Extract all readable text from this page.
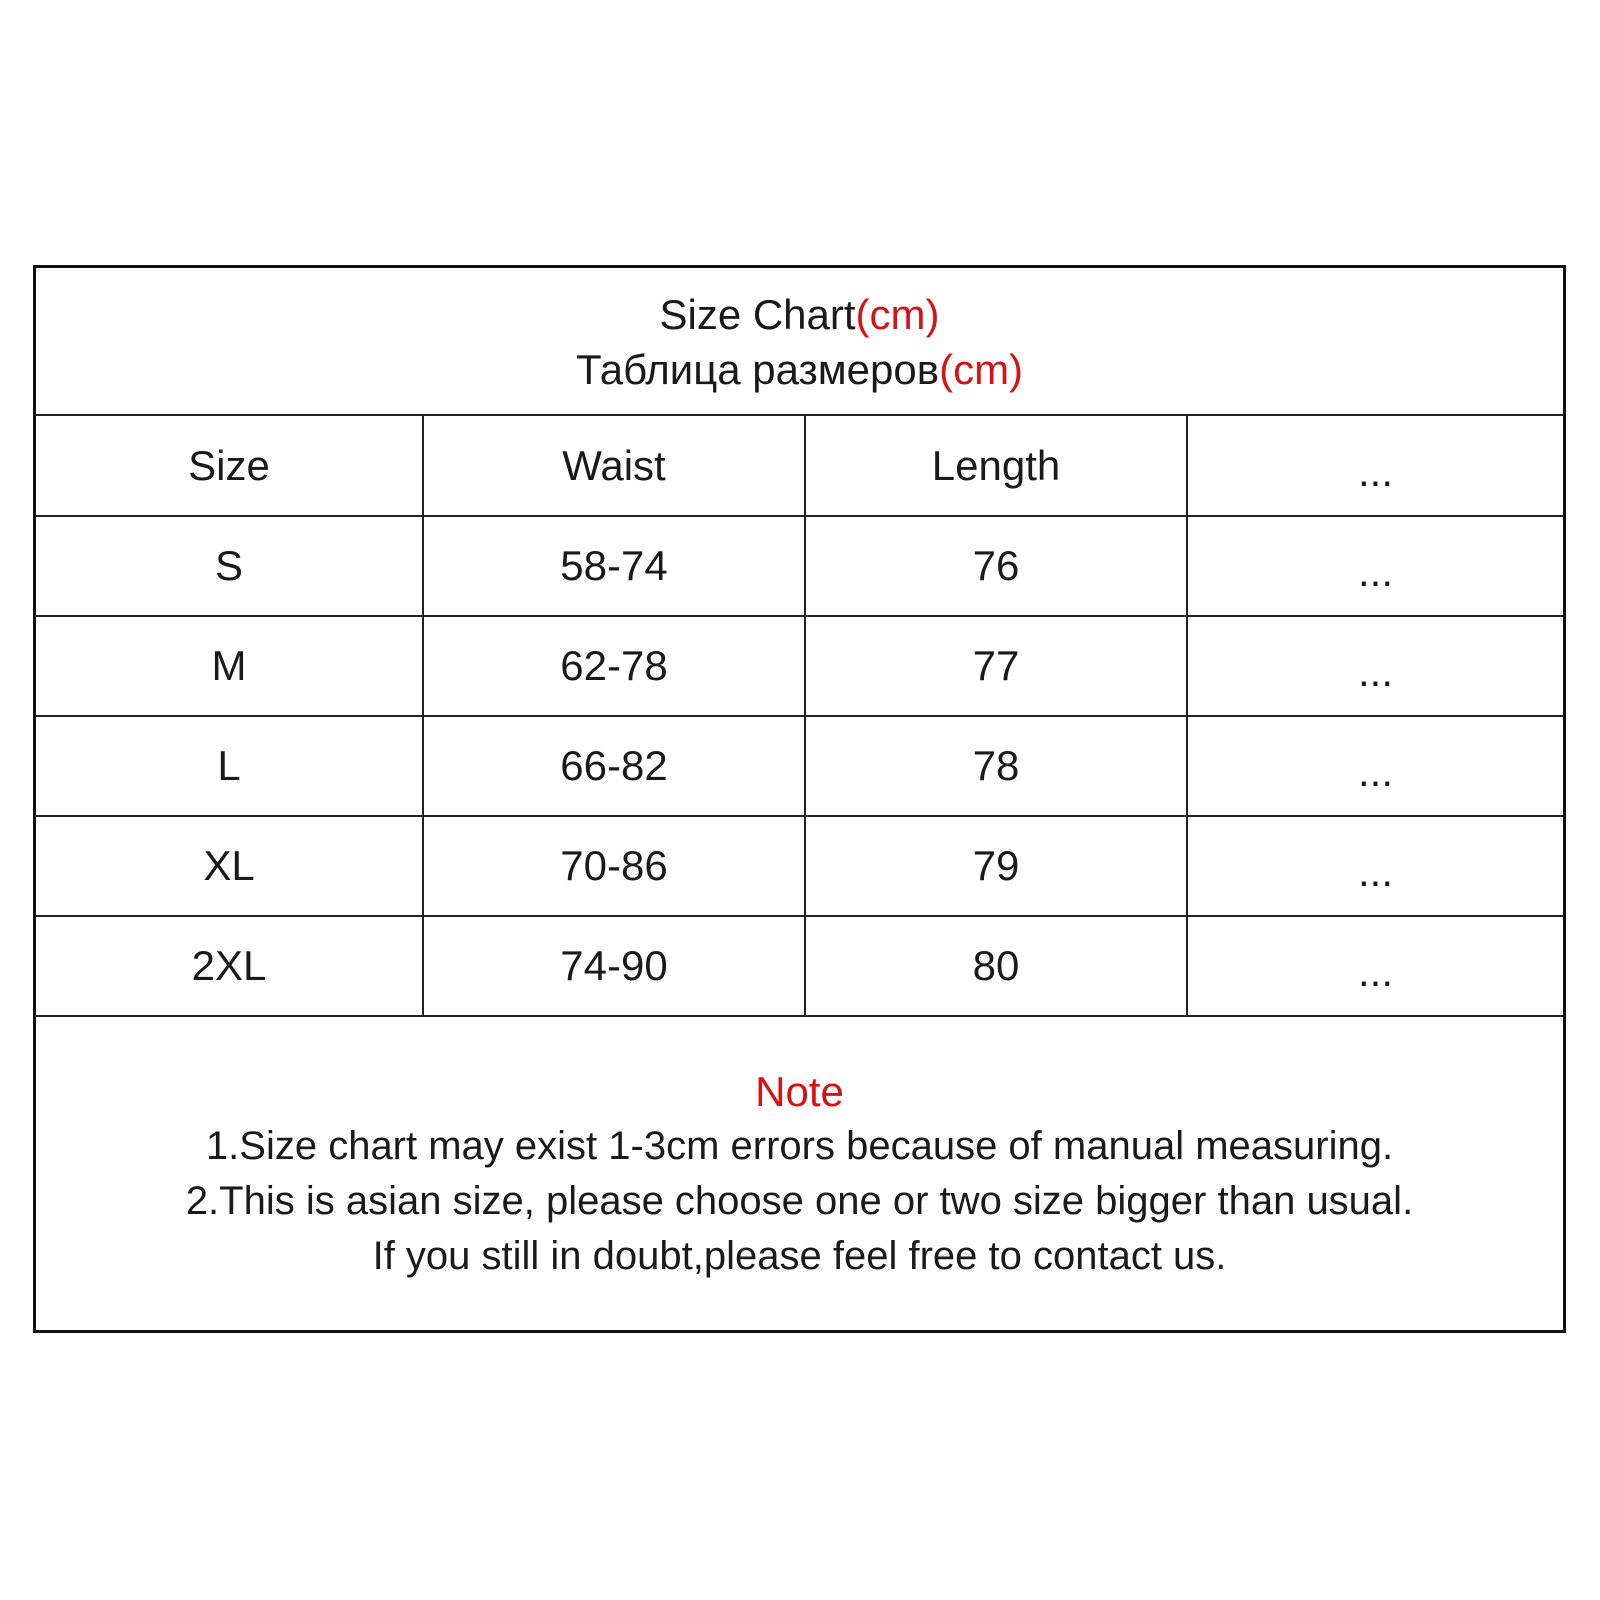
Size Chart(cm)
Таблица размеров(cm)
Size	Waist	Length	...
S	58-74	76	...
M	62-78	77	...
L	66-82	78	...
XL	70-86	79	...
2XL	74-90	80	...
Note
1.Size chart may exist 1-3cm errors because of manual measuring.
2.This is asian size, please choose one or two size bigger than usual.
If you still in doubt,please feel free to contact us.
